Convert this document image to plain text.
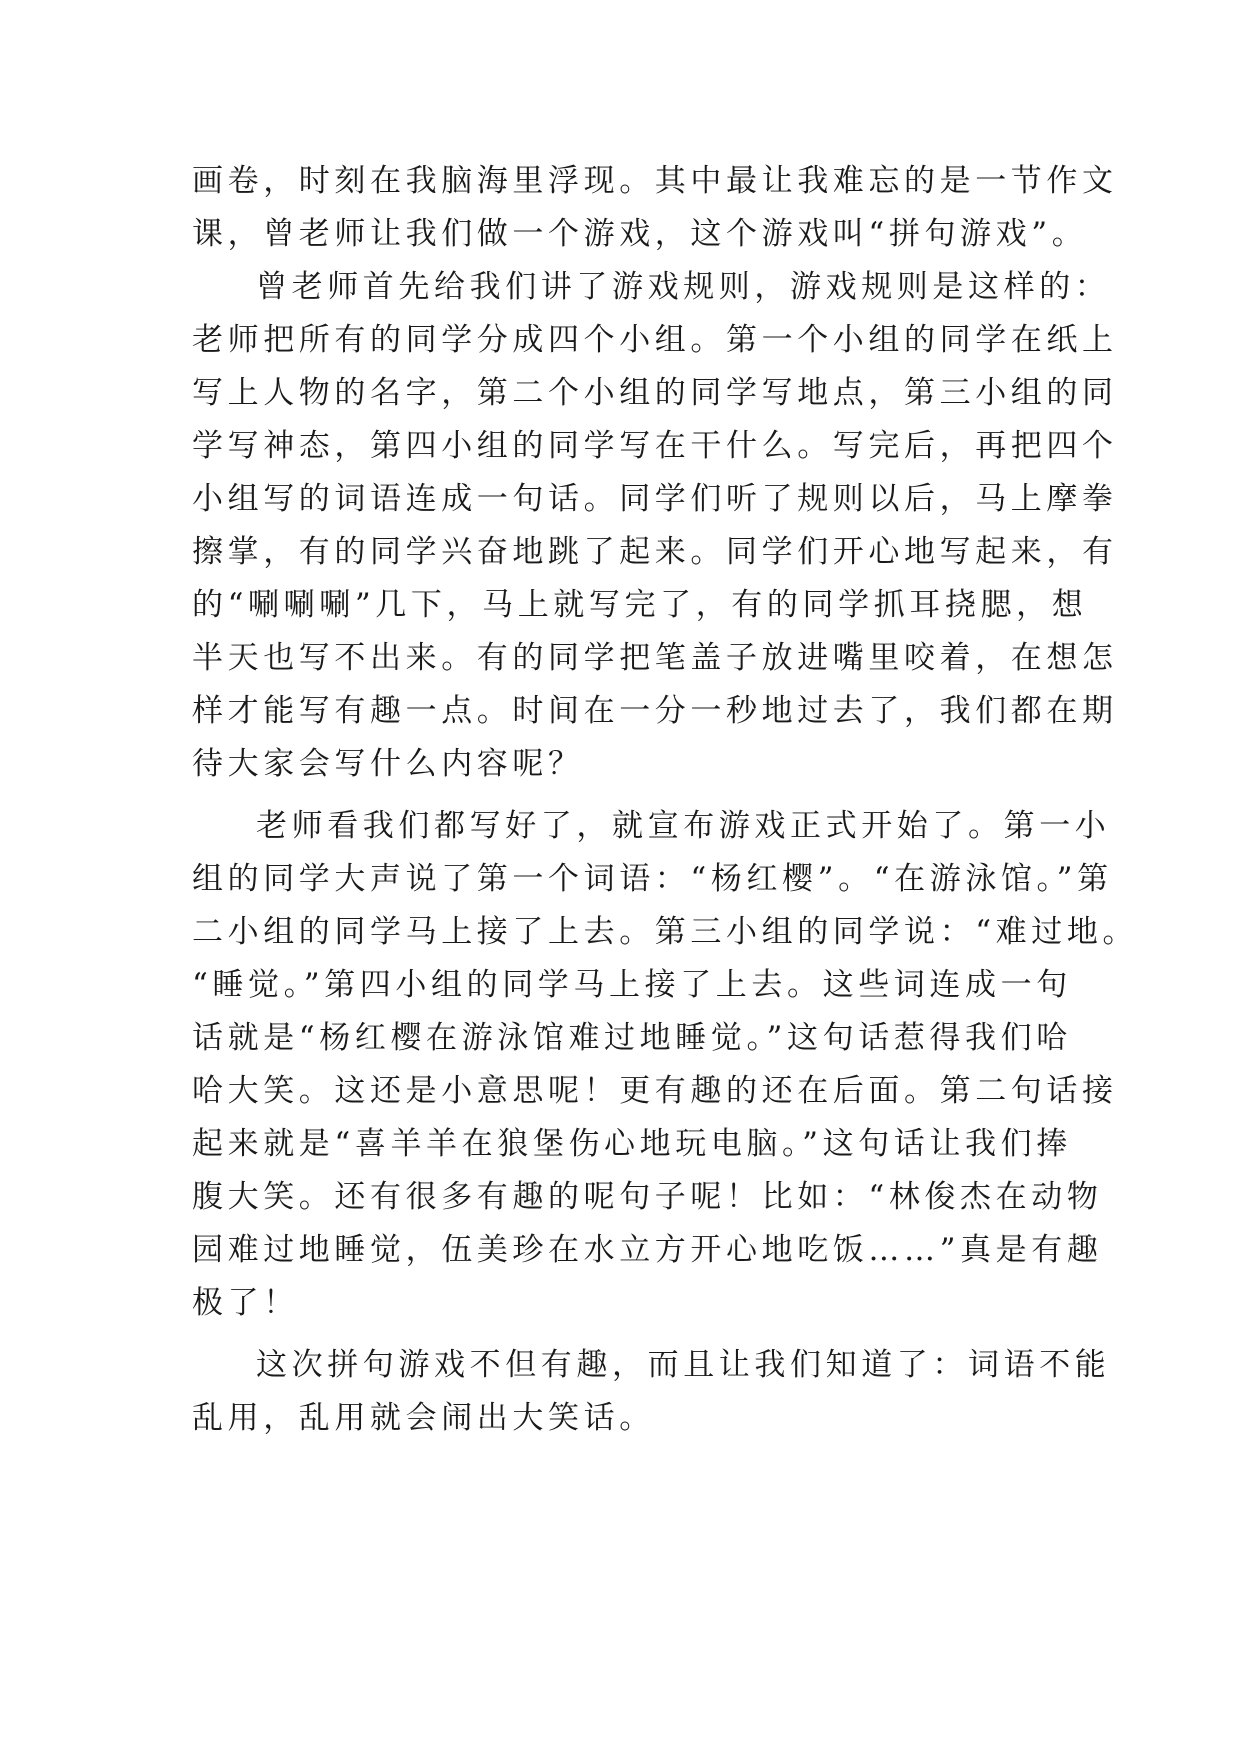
画卷，时刻在我脑海里浮现。其中最让我难忘的是一节作文
课，曾老师让我们做一个游戏，这个游戏叫“拼句游戏”。
曾老师首先给我们讲了游戏规则，游戏规则是这样的：
老师把所有的同学分成四个小组。第一个小组的同学在纸上
写上人物的名字，第二个小组的同学写地点，第三小组的同
学写神态，第四小组的同学写在干什么。写完后，再把四个
小组写的词语连成一句话。同学们听了规则以后，马上摩拳
擦掌，有的同学兴奋地跳了起来。同学们开心地写起来，有
的“唰唰唰”几下，马上就写完了，有的同学抓耳挠腮，想
半天也写不出来。有的同学把笔盖子放进嘴里咬着，在想怎
样才能写有趣一点。时间在一分一秒地过去了，我们都在期
待大家会写什么内容呢？
老师看我们都写好了，就宣布游戏正式开始了。第一小
组的同学大声说了第一个词语：“杨红樱”。“在游泳馆。”第
二小组的同学马上接了上去。第三小组的同学说：“难过地。
“睡觉。”第四小组的同学马上接了上去。这些词连成一句
话就是“杨红樱在游泳馆难过地睡觉。”这句话惹得我们哈
哈大笑。这还是小意思呢！更有趣的还在后面。第二句话接
起来就是“喜羊羊在狼堡伤心地玩电脑。”这句话让我们捧
腹大笑。还有很多有趣的呢句子呢！比如：“林俊杰在动物
园难过地睡觉，伍美珍在水立方开心地吃饭……”真是有趣
极了！
这次拼句游戏不但有趣，而且让我们知道了：词语不能
乱用，乱用就会闹出大笑话。
